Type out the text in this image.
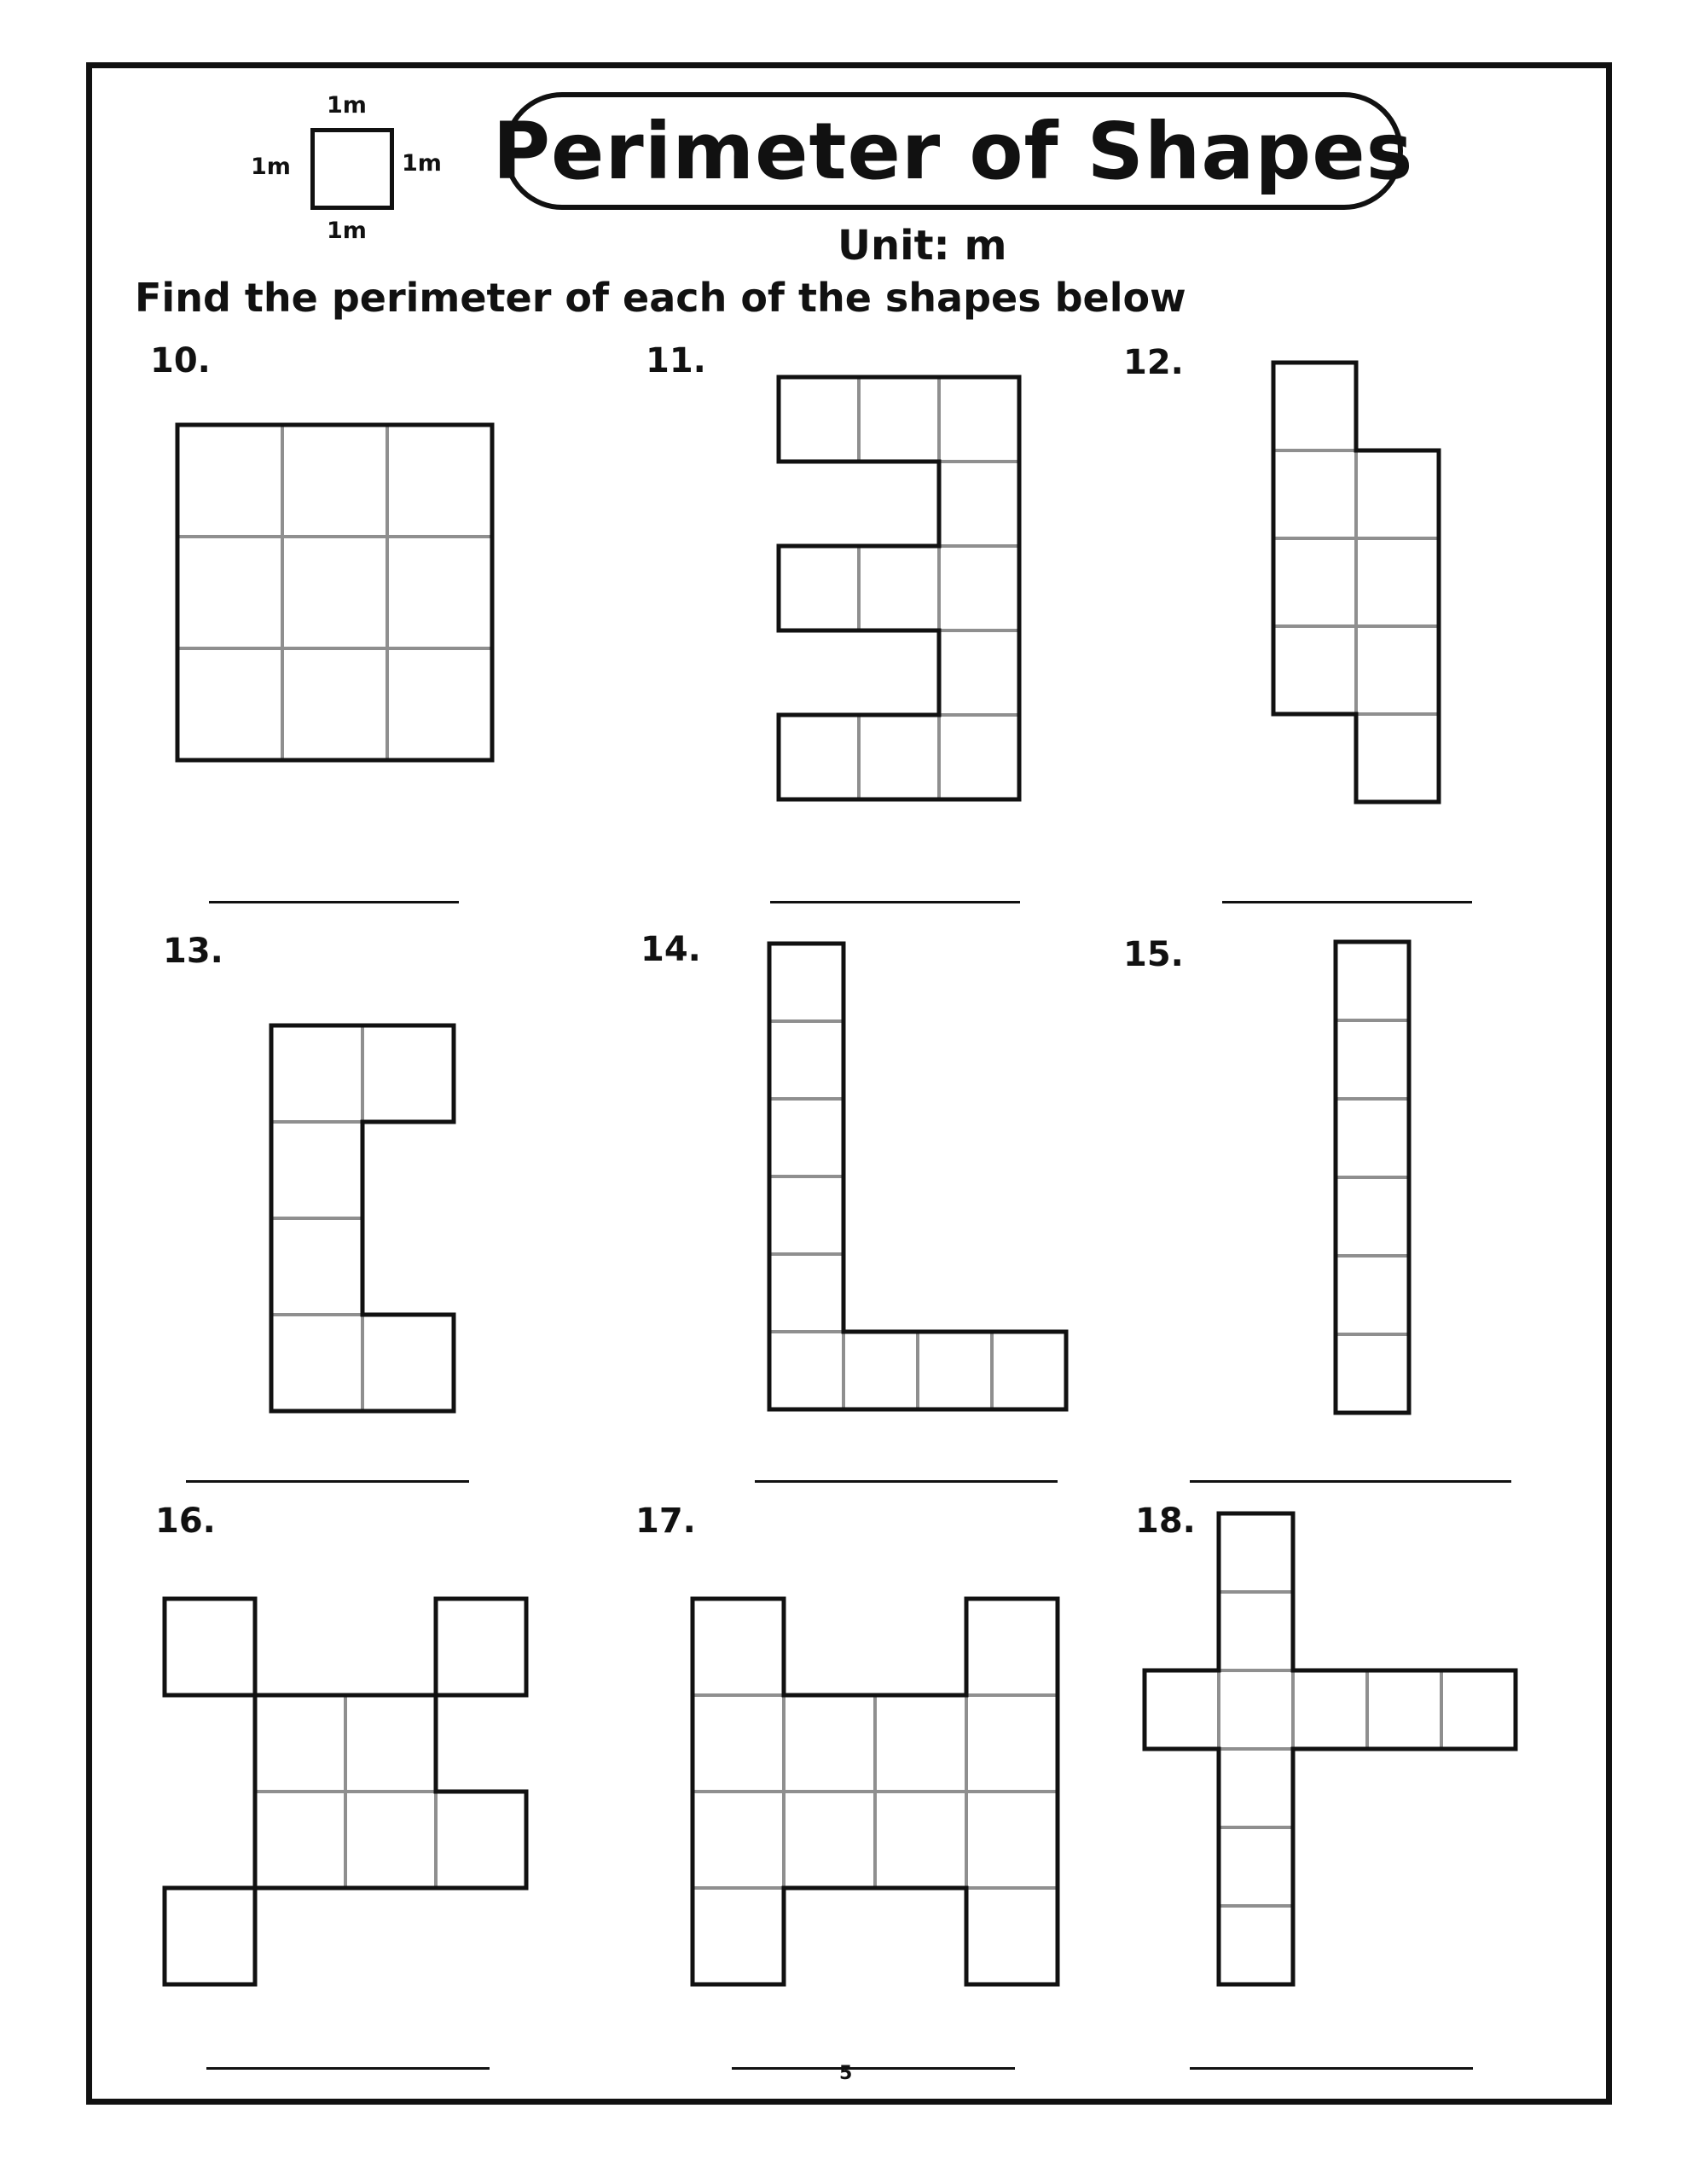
1m
1m
1m
1m	Perimeter of Shapes
Unit: m
Find the perimeter of each of the shapes below
10.	11.	12.
13.	14.	15.
16.	17.	18.
5
